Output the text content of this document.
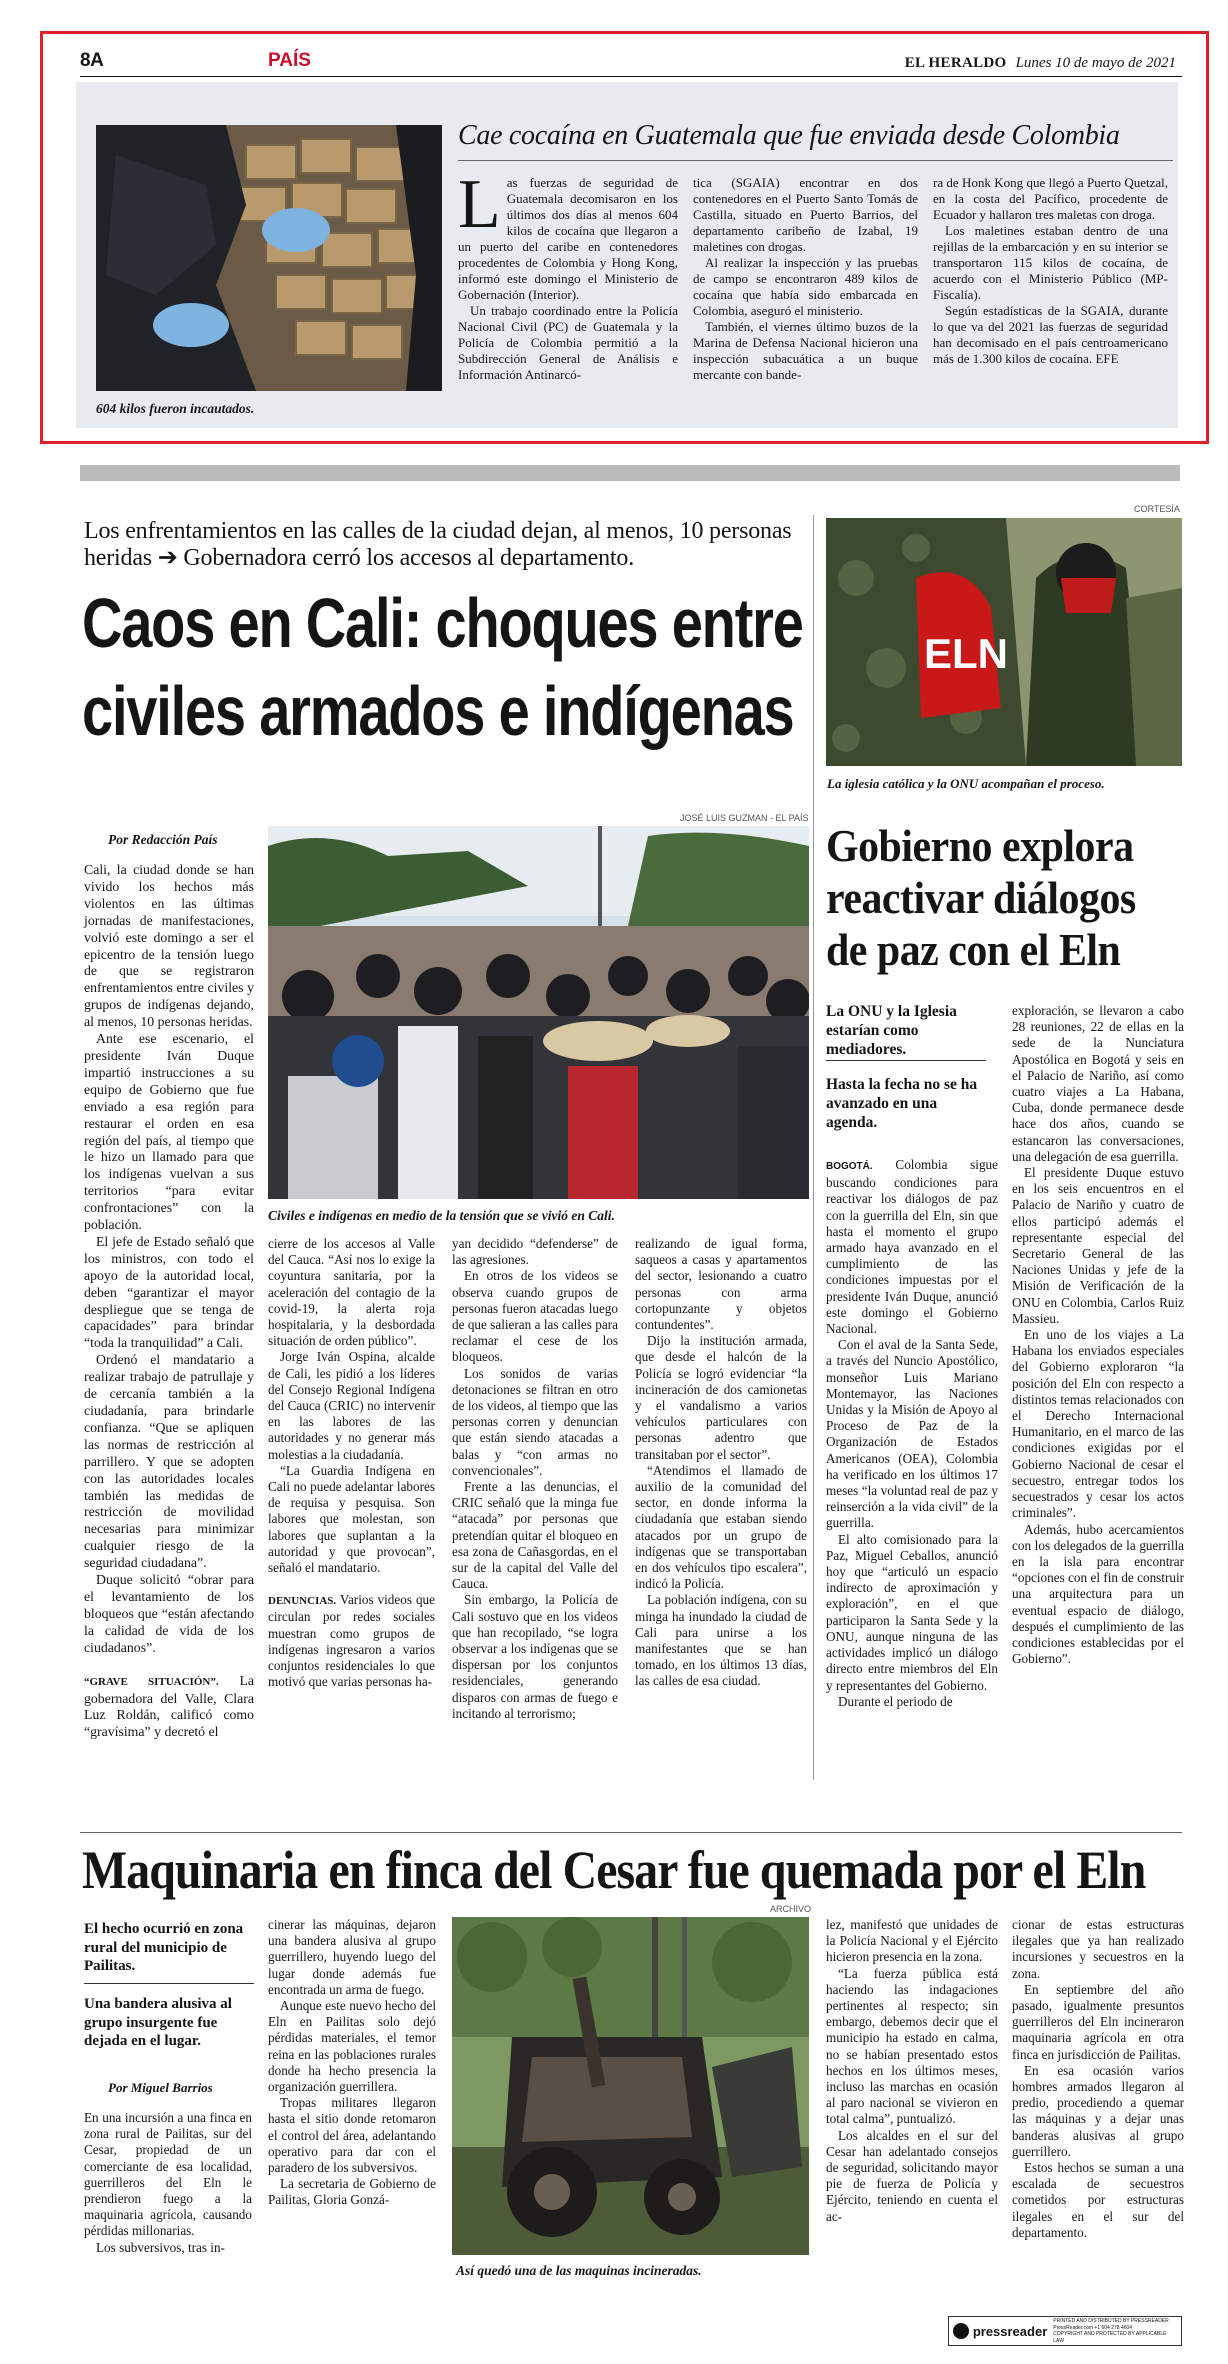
8A	PAÍS	EL HERALDO Lunes 10 de mayo de 2021
604 kilos fueron incautados.
Cae cocaína en Guatemala que fue enviada desde Colombia
L as fuerzas de seguridad de Guatemala decomisaron en los últimos dos días al menos 604 kilos de cocaína que llegaron a un puerto del caribe en contenedores procedentes de Colombia y Hong Kong, informó este domingo el Ministerio de Gobernación (Interior).

Un trabajo coordinado entre la Policía Nacional Civil (PC) de Guatemala y la Policía de Colombia permitió a la Subdirección General de Análisis e Información Antinarcó-

tica (SGAIA) encontrar en dos contenedores en el Puerto Santo Tomás de Castilla, situado en Puerto Barrios, del departamento caribeño de Izabal, 19 maletines con drogas.

Al realizar la inspección y las pruebas de campo se encontraron 489 kilos de cocaína que había sido embarcada en Colombia, aseguró el ministerio.

También, el viernes último buzos de la Marina de Defensa Nacional hicieron una inspección subacuática a un buque mercante con bande-

ra de Honk Kong que llegó a Puerto Quetzal, en la costa del Pacífico, procedente de Ecuador y hallaron tres maletas con droga.

Los maletines estaban dentro de una rejillas de la embarcación y en su interior se transportaron 115 kilos de cocaína, de acuerdo con el Ministerio Público (MP-Fiscalía).

Según estadísticas de la SGAIA, durante lo que va del 2021 las fuerzas de seguridad han decomisado en el país centroamericano más de 1.300 kilos de cocaína. EFE

Los enfrentamientos en las calles de la ciudad dejan, al menos, 10 personas heridas ➔ Gobernadora cerró los accesos al departamento.
Caos en Cali: choques entre
civiles armados e indígenas
JOSÉ LUIS GUZMAN - EL PAÍS
Civiles e indígenas en medio de la tensión que se vivió en Cali.
Por Redacción País

Cali, la ciudad donde se han vivido los hechos más violentos en las últimas jornadas de manifestaciones, volvió este domingo a ser el epicentro de la tensión luego de que se registraron enfrentamientos entre civiles y grupos de indígenas dejando, al menos, 10 personas heridas.

Ante ese escenario, el presidente Iván Duque impartió instrucciones a su equipo de Gobierno que fue enviado a esa región para restaurar el orden en esa región del país, al tiempo que le hizo un llamado para que los indígenas vuelvan a sus territorios “para evitar confrontaciones” con la población.

El jefe de Estado señaló que los ministros, con todo el apoyo de la autoridad local, deben “garantizar el mayor despliegue que se tenga de capacidades” para brindar “toda la tranquilidad” a Cali.

Ordenó el mandatario a realizar trabajo de patrullaje y de cercanía también a la ciudadanía, para brindarle confianza. “Que se apliquen las normas de restricción al parrillero. Y que se adopten con las autoridades locales también las medidas de restricción de movilidad necesarias para minimizar cualquier riesgo de la seguridad ciudadana”.

Duque solicitó “obrar para el levantamiento de los bloqueos que “están afectando la calidad de vida de los ciudadanos”.

“GRAVE SITUACIÓN”. La gobernadora del Valle, Clara Luz Roldán, calificó como “gravísima” y decretó el

cierre de los accesos al Valle del Cauca. “Así nos lo exige la coyuntura sanitaria, por la aceleración del contagio de la covid-19, la alerta roja hospitalaria, y la desbordada situación de orden público”.

Jorge Iván Ospina, alcalde de Cali, les pidió a los líderes del Consejo Regional Indígena del Cauca (CRIC) no intervenir en las labores de las autoridades y no generar más molestias a la ciudadanía.

“La Guardia Indígena en Cali no puede adelantar labores de requisa y pesquisa. Son labores que molestan, son labores que suplantan a la autoridad y que provocan”, señaló el mandatario.

DENUNCIAS. Varios videos que circulan por redes sociales muestran como grupos de indígenas ingresaron a varios conjuntos residenciales lo que motivó que varias personas ha-

yan decidido “defenderse” de las agresiones.

En otros de los videos se observa cuando grupos de personas fueron atacadas luego de que salieran a las calles para reclamar el cese de los bloqueos.

Los sonidos de varias detonaciones se filtran en otro de los videos, al tiempo que las personas corren y denuncian que están siendo atacadas a balas y “con armas no convencionales”.

Frente a las denuncias, el CRIC señaló que la minga fue “atacada” por personas que pretendían quitar el bloqueo en esa zona de Cañasgordas, en el sur de la capital del Valle del Cauca.

Sin embargo, la Policía de Cali sostuvo que en los videos que han recopilado, “se logra observar a los indígenas que se dispersan por los conjuntos residenciales, generando disparos con armas de fuego e incitando al terrorismo;

realizando de igual forma, saqueos a casas y apartamentos del sector, lesionando a cuatro personas con arma cortopunzante y objetos contundentes”.

Dijo la institución armada, que desde el halcón de la Policía se logró evidenciar “la incineración de dos camionetas y el vandalismo a varios vehículos particulares con personas adentro que transitaban por el sector”.

“Atendimos el llamado de auxilio de la comunidad del sector, en donde informa la ciudadanía que estaban siendo atacados por un grupo de indígenas que se transportaban en dos vehículos tipo escalera”, indicó la Policía.

La población indígena, con su minga ha inundado la ciudad de Cali para unirse a los manifestantes que se han tomado, en los últimos 13 días, las calles de esa ciudad.

CORTESÍA
ELN
La iglesia católica y la ONU acompañan el proceso.
Gobierno explora
reactivar diálogos
de paz con el Eln
La ONU y la Iglesia estarían como mediadores.
Hasta la fecha no se ha avanzado en una agenda.

BOGOTÁ. Colombia sigue buscando condiciones para reactivar los diálogos de paz con la guerrilla del Eln, sin que hasta el momento el grupo armado haya avanzado en el cumplimiento de las condiciones impuestas por el presidente Iván Duque, anunció este domingo el Gobierno Nacional.

Con el aval de la Santa Sede, a través del Nuncio Apostólico, monseñor Luis Mariano Montemayor, las Naciones Unidas y la Misión de Apoyo al Proceso de Paz de la Organización de Estados Americanos (OEA), Colombia ha verificado en los últimos 17 meses “la voluntad real de paz y reinserción a la vida civil” de la guerrilla.

El alto comisionado para la Paz, Miguel Ceballos, anunció hoy que “articuló un espacio indirecto de aproximación y exploración”, en el que participaron la Santa Sede y la ONU, aunque ninguna de las actividades implicó un diálogo directo entre miembros del Eln y representantes del Gobierno.

Durante el periodo de

exploración, se llevaron a cabo 28 reuniones, 22 de ellas en la sede de la Nunciatura Apostólica en Bogotá y seis en el Palacio de Nariño, así como cuatro viajes a La Habana, Cuba, donde permanece desde hace dos años, cuando se estancaron las conversaciones, una delegación de esa guerrilla.

El presidente Duque estuvo en los seis encuentros en el Palacio de Nariño y cuatro de ellos participó además el representante especial del Secretario General de las Naciones Unidas y jefe de la Misión de Verificación de la ONU en Colombia, Carlos Ruiz Massieu.

En uno de los viajes a La Habana los enviados especiales del Gobierno exploraron “la posición del Eln con respecto a distintos temas relacionados con el Derecho Internacional Humanitario, en el marco de las condiciones exigidas por el Gobierno Nacional de cesar el secuestro, entregar todos los secuestrados y cesar los actos criminales”.

Además, hubo acercamientos con los delegados de la guerrilla en la isla para encontrar “opciones con el fin de construir una arquitectura para un eventual espacio de diálogo, después el cumplimiento de las condiciones establecidas por el Gobierno”.

Maquinaria en finca del Cesar fue quemada por el Eln
El hecho ocurrió en zona rural del municipio de Pailitas.
Una bandera alusiva al grupo insurgente fue dejada en el lugar.
Por Miguel Barrios

En una incursión a una finca en zona rural de Pailitas, sur del Cesar, propiedad de un comerciante de esa localidad, guerrilleros del Eln le prendieron fuego a la maquinaria agrícola, causando pérdidas millonarias.

Los subversivos, tras in-

cinerar las máquinas, dejaron una bandera alusiva al grupo guerrillero, huyendo luego del lugar donde además fue encontrada un arma de fuego.

Aunque este nuevo hecho del Eln en Pailitas solo dejó pérdidas materiales, el temor reina en las poblaciones rurales donde ha hecho presencia la organización guerrillera.

Tropas militares llegaron hasta el sitio donde retomaron el control del área, adelantando operativo para dar con el paradero de los subversivos.

La secretaria de Gobierno de Pailitas, Gloria Gonzá-

ARCHIVO
Así quedó una de las maquinas incineradas.

lez, manifestó que unidades de la Policía Nacional y el Ejército hicieron presencia en la zona.

“La fuerza pública está haciendo las indagaciones pertinentes al respecto; sin embargo, debemos decir que el municipio ha estado en calma, no se habían presentado estos hechos en los últimos meses, incluso las marchas en ocasión al paro nacional se vivieron en total calma”, puntualizó.

Los alcaldes en el sur del Cesar han adelantado consejos de seguridad, solicitando mayor pie de fuerza de Policía y Ejército, teniendo en cuenta el ac-

cionar de estas estructuras ilegales que ya han realizado incursiones y secuestros en la zona.

En septiembre del año pasado, igualmente presuntos guerrilleros del Eln incineraron maquinaria agrícola en otra finca en jurisdicción de Pailitas.

En esa ocasión varios hombres armados llegaron al predio, procediendo a quemar las máquinas y a dejar unas banderas alusivas al grupo guerrillero.

Estos hechos se suman a una escalada de secuestros cometidos por estructuras ilegales en el sur del departamento.

pressreader
PRINTED AND DISTRIBUTED BY PRESSREADER
PressReader.com +1 604 278 4604
COPYRIGHT AND PROTECTED BY APPLICABLE LAW
